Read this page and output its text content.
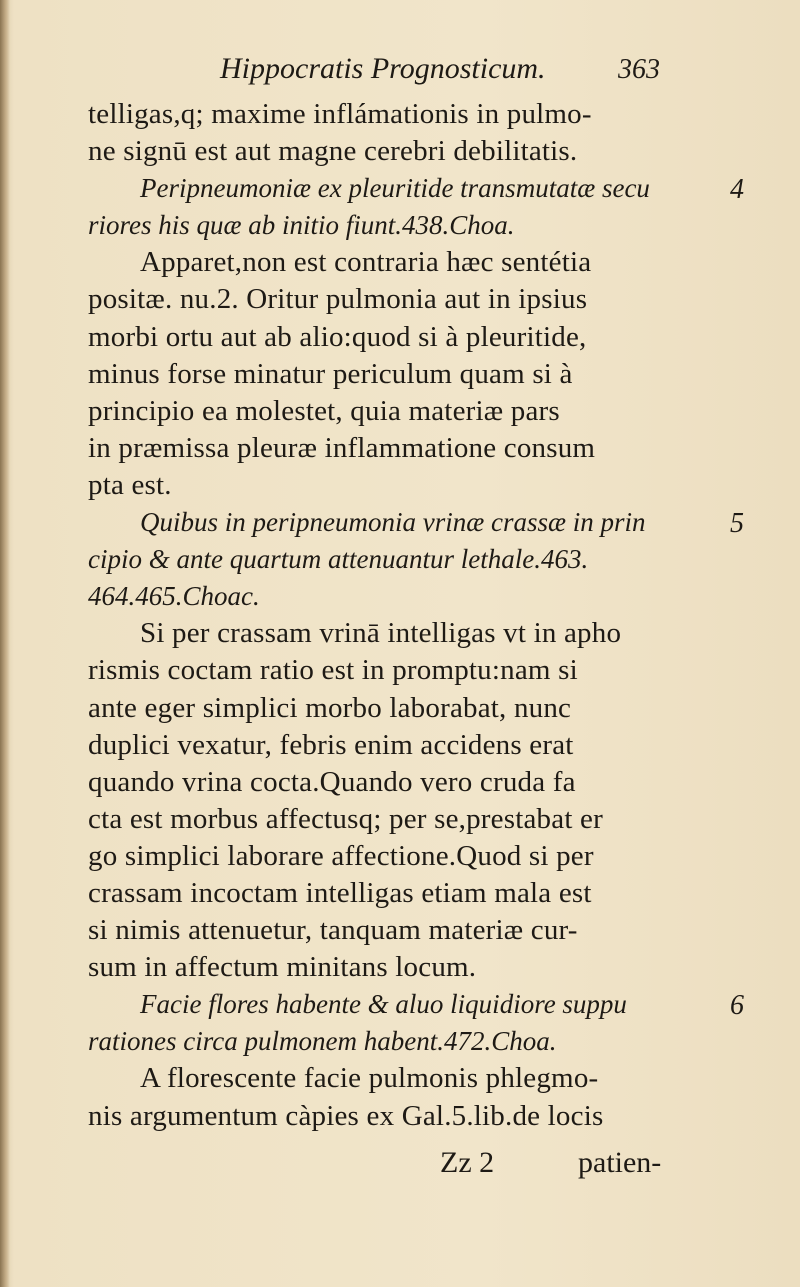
Hippocratis Prognosticum.	363
telligas,q; maxime inflámationis in pulmo-
ne signū est aut magne cerebri debilitatis.
Peripneumoniæ ex pleuritide transmutatæ secu
riores his quæ ab initio fiunt.438.Choa.
Apparet,non est contraria hæc sentétia
positæ. nu.2. Oritur pulmonia aut in ipsius
morbi ortu aut ab alio:quod si à pleuritide,
minus forse minatur periculum quam si à
principio ea molestet, quia materiæ pars
in præmissa pleuræ inflammatione consum
pta est.
Quibus in peripneumonia vrinæ crassæ in prin
cipio & ante quartum attenuantur lethale.463.
464.465.Choac.
Si per crassam vrinā intelligas vt in apho
rismis coctam ratio est in promptu:nam si
ante eger simplici morbo laborabat, nunc
duplici vexatur, febris enim accidens erat
quando vrina cocta.Quando vero cruda fa
cta est morbus affectusq; per se,prestabat er
go simplici laborare affectione.Quod si per
crassam incoctam intelligas etiam mala est
si nimis attenuetur, tanquam materiæ cur-
sum in affectum minitans locum.
Facie flores habente & aluo liquidiore suppu
rationes circa pulmonem habent.472.Choa.
A florescente facie pulmonis phlegmo-
nis argumentum càpies ex Gal.5.lib.de locis
4
5
6
Zz 2	patien-
